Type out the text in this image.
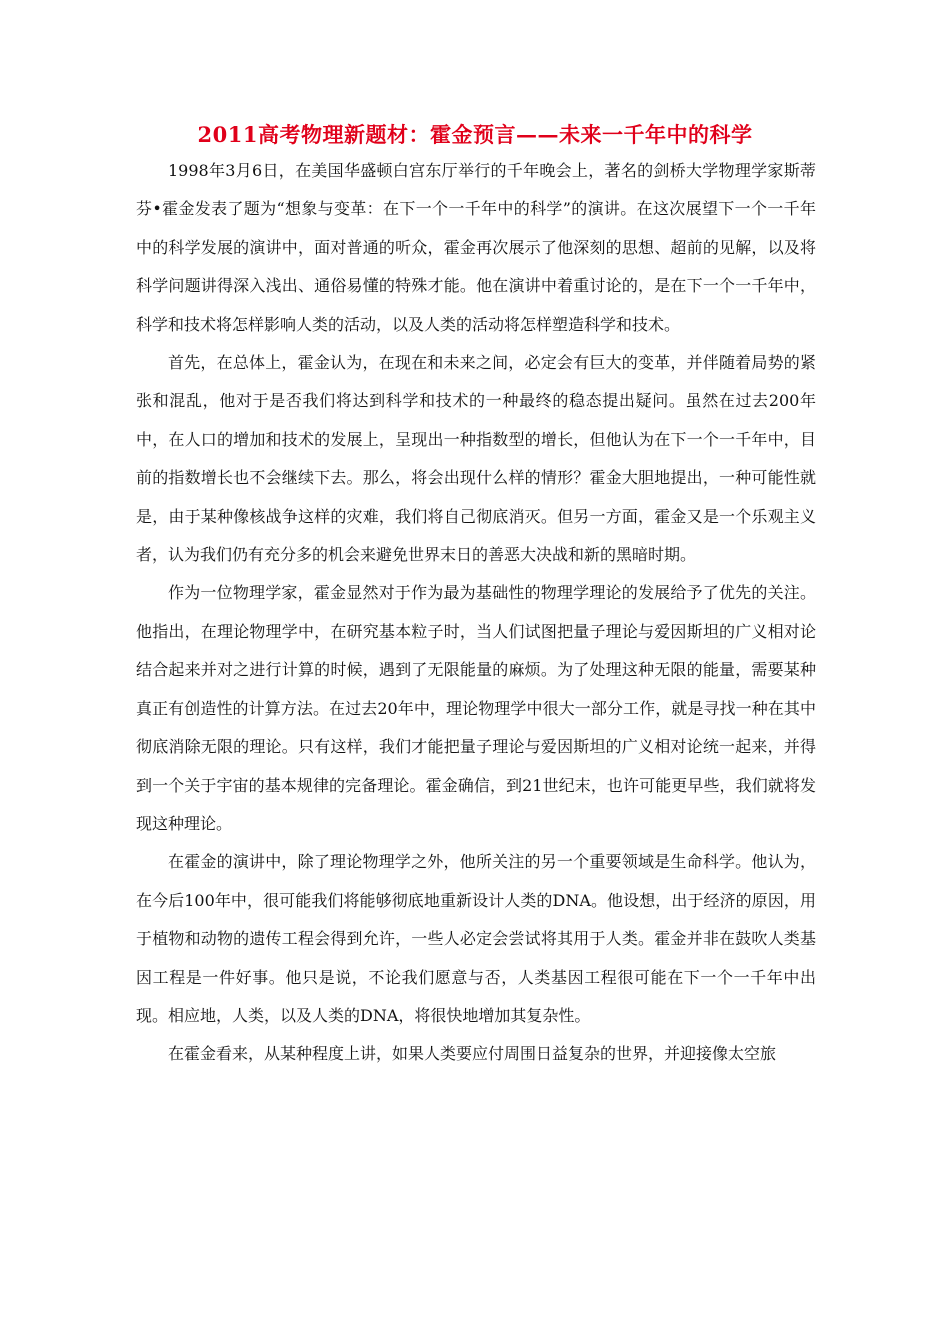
2011高考物理新题材：霍金预言——未来一千年中的科学

1998年3月6日，在美国华盛顿白宫东厅举行的千年晚会上，著名的剑桥大学物理学家斯蒂芬•霍金发表了题为“想象与变革：在下一个一千年中的科学”的演讲。在这次展望下一个一千年中的科学发展的演讲中，面对普通的听众，霍金再次展示了他深刻的思想、超前的见解，以及将科学问题讲得深入浅出、通俗易懂的特殊才能。他在演讲中着重讨论的，是在下一个一千年中，科学和技术将怎样影响人类的活动，以及人类的活动将怎样塑造科学和技术。

首先，在总体上，霍金认为，在现在和未来之间，必定会有巨大的变革，并伴随着局势的紧张和混乱，他对于是否我们将达到科学和技术的一种最终的稳态提出疑问。虽然在过去200年中，在人口的增加和技术的发展上，呈现出一种指数型的增长，但他认为在下一个一千年中，目前的指数增长也不会继续下去。那么，将会出现什么样的情形？霍金大胆地提出，一种可能性就是，由于某种像核战争这样的灾难，我们将自己彻底消灭。但另一方面，霍金又是一个乐观主义者，认为我们仍有充分多的机会来避免世界末日的善恶大决战和新的黑暗时期。

作为一位物理学家，霍金显然对于作为最为基础性的物理学理论的发展给予了优先的关注。他指出，在理论物理学中，在研究基本粒子时，当人们试图把量子理论与爱因斯坦的广义相对论结合起来并对之进行计算的时候，遇到了无限能量的麻烦。为了处理这种无限的能量，需要某种真正有创造性的计算方法。在过去20年中，理论物理学中很大一部分工作，就是寻找一种在其中彻底消除无限的理论。只有这样，我们才能把量子理论与爱因斯坦的广义相对论统一起来，并得到一个关于宇宙的基本规律的完备理论。霍金确信，到21世纪末，也许可能更早些，我们就将发现这种理论。

在霍金的演讲中，除了理论物理学之外，他所关注的另一个重要领域是生命科学。他认为，在今后100年中，很可能我们将能够彻底地重新设计人类的DNA。他设想，出于经济的原因，用于植物和动物的遗传工程会得到允许，一些人必定会尝试将其用于人类。霍金并非在鼓吹人类基因工程是一件好事。他只是说，不论我们愿意与否，人类基因工程很可能在下一个一千年中出现。相应地，人类，以及人类的DNA，将很快地增加其复杂性。

在霍金看来，从某种程度上讲，如果人类要应付周围日益复杂的世界，并迎接像太空旅
